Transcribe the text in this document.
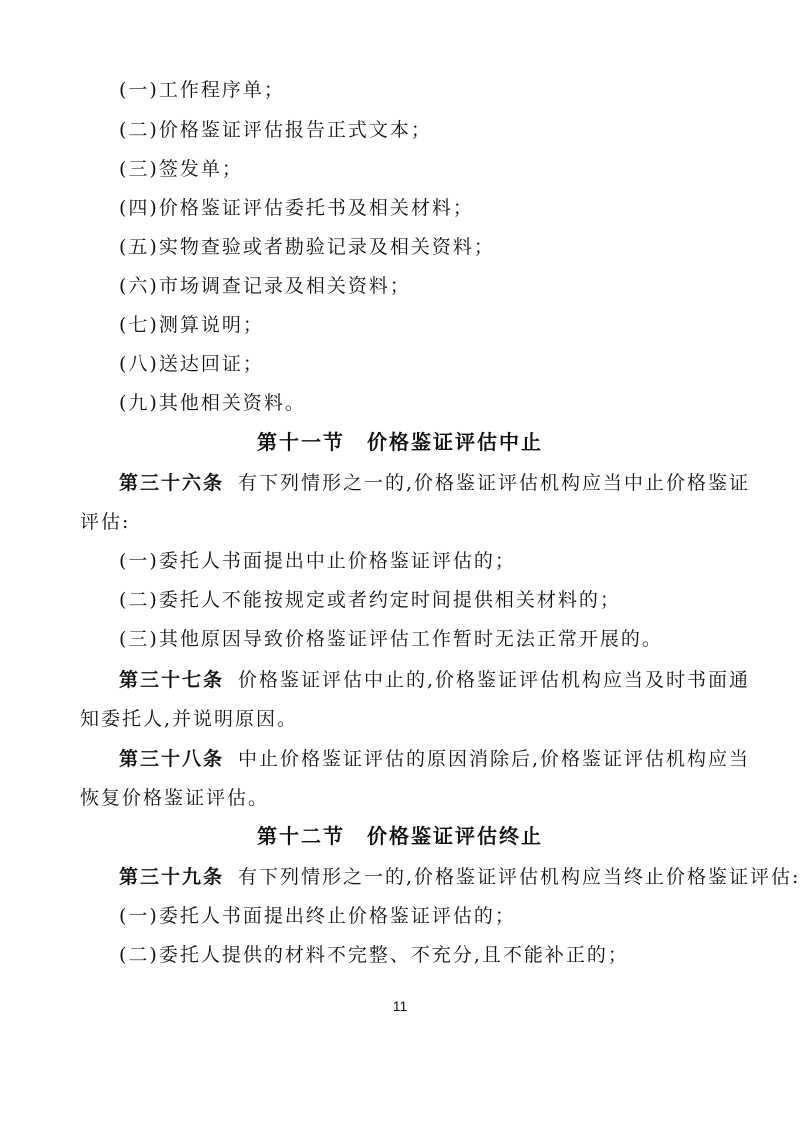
(一)工作程序单；
(二)价格鉴证评估报告正式文本；
(三)签发单；
(四)价格鉴证评估委托书及相关材料；
(五)实物查验或者勘验记录及相关资料；
(六)市场调查记录及相关资料；
(七)测算说明；
(八)送达回证；
(九)其他相关资料。
第十一节　价格鉴证评估中止
第三十六条 有下列情形之一的,价格鉴证评估机构应当中止价格鉴证
评估:
(一)委托人书面提出中止价格鉴证评估的；
(二)委托人不能按规定或者约定时间提供相关材料的；
(三)其他原因导致价格鉴证评估工作暂时无法正常开展的。
第三十七条 价格鉴证评估中止的,价格鉴证评估机构应当及时书面通
知委托人,并说明原因。
第三十八条 中止价格鉴证评估的原因消除后,价格鉴证评估机构应当
恢复价格鉴证评估。
第十二节　价格鉴证评估终止
第三十九条 有下列情形之一的,价格鉴证评估机构应当终止价格鉴证评估:
(一)委托人书面提出终止价格鉴证评估的；
(二)委托人提供的材料不完整、不充分,且不能补正的；
11
